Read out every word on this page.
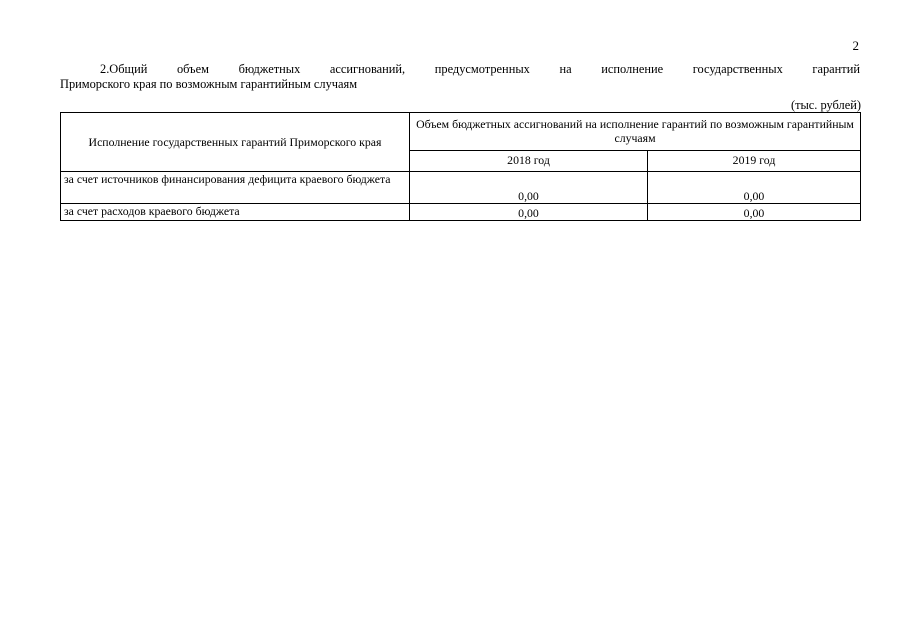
2
2.Общий объем бюджетных ассигнований, предусмотренных на исполнение государственных гарантий
Приморского края по возможным гарантийным случаям
(тыс. рублей)
Исполнение государственных гарантий Приморского края	Объем бюджетных ассигнований на исполнение гарантий по возможным гарантийным случаям	
	2018 год	2019 год
за счет источников финансирования дефицита краевого бюджета	0,00	0,00
за счет расходов краевого бюджета	0,00	0,00
